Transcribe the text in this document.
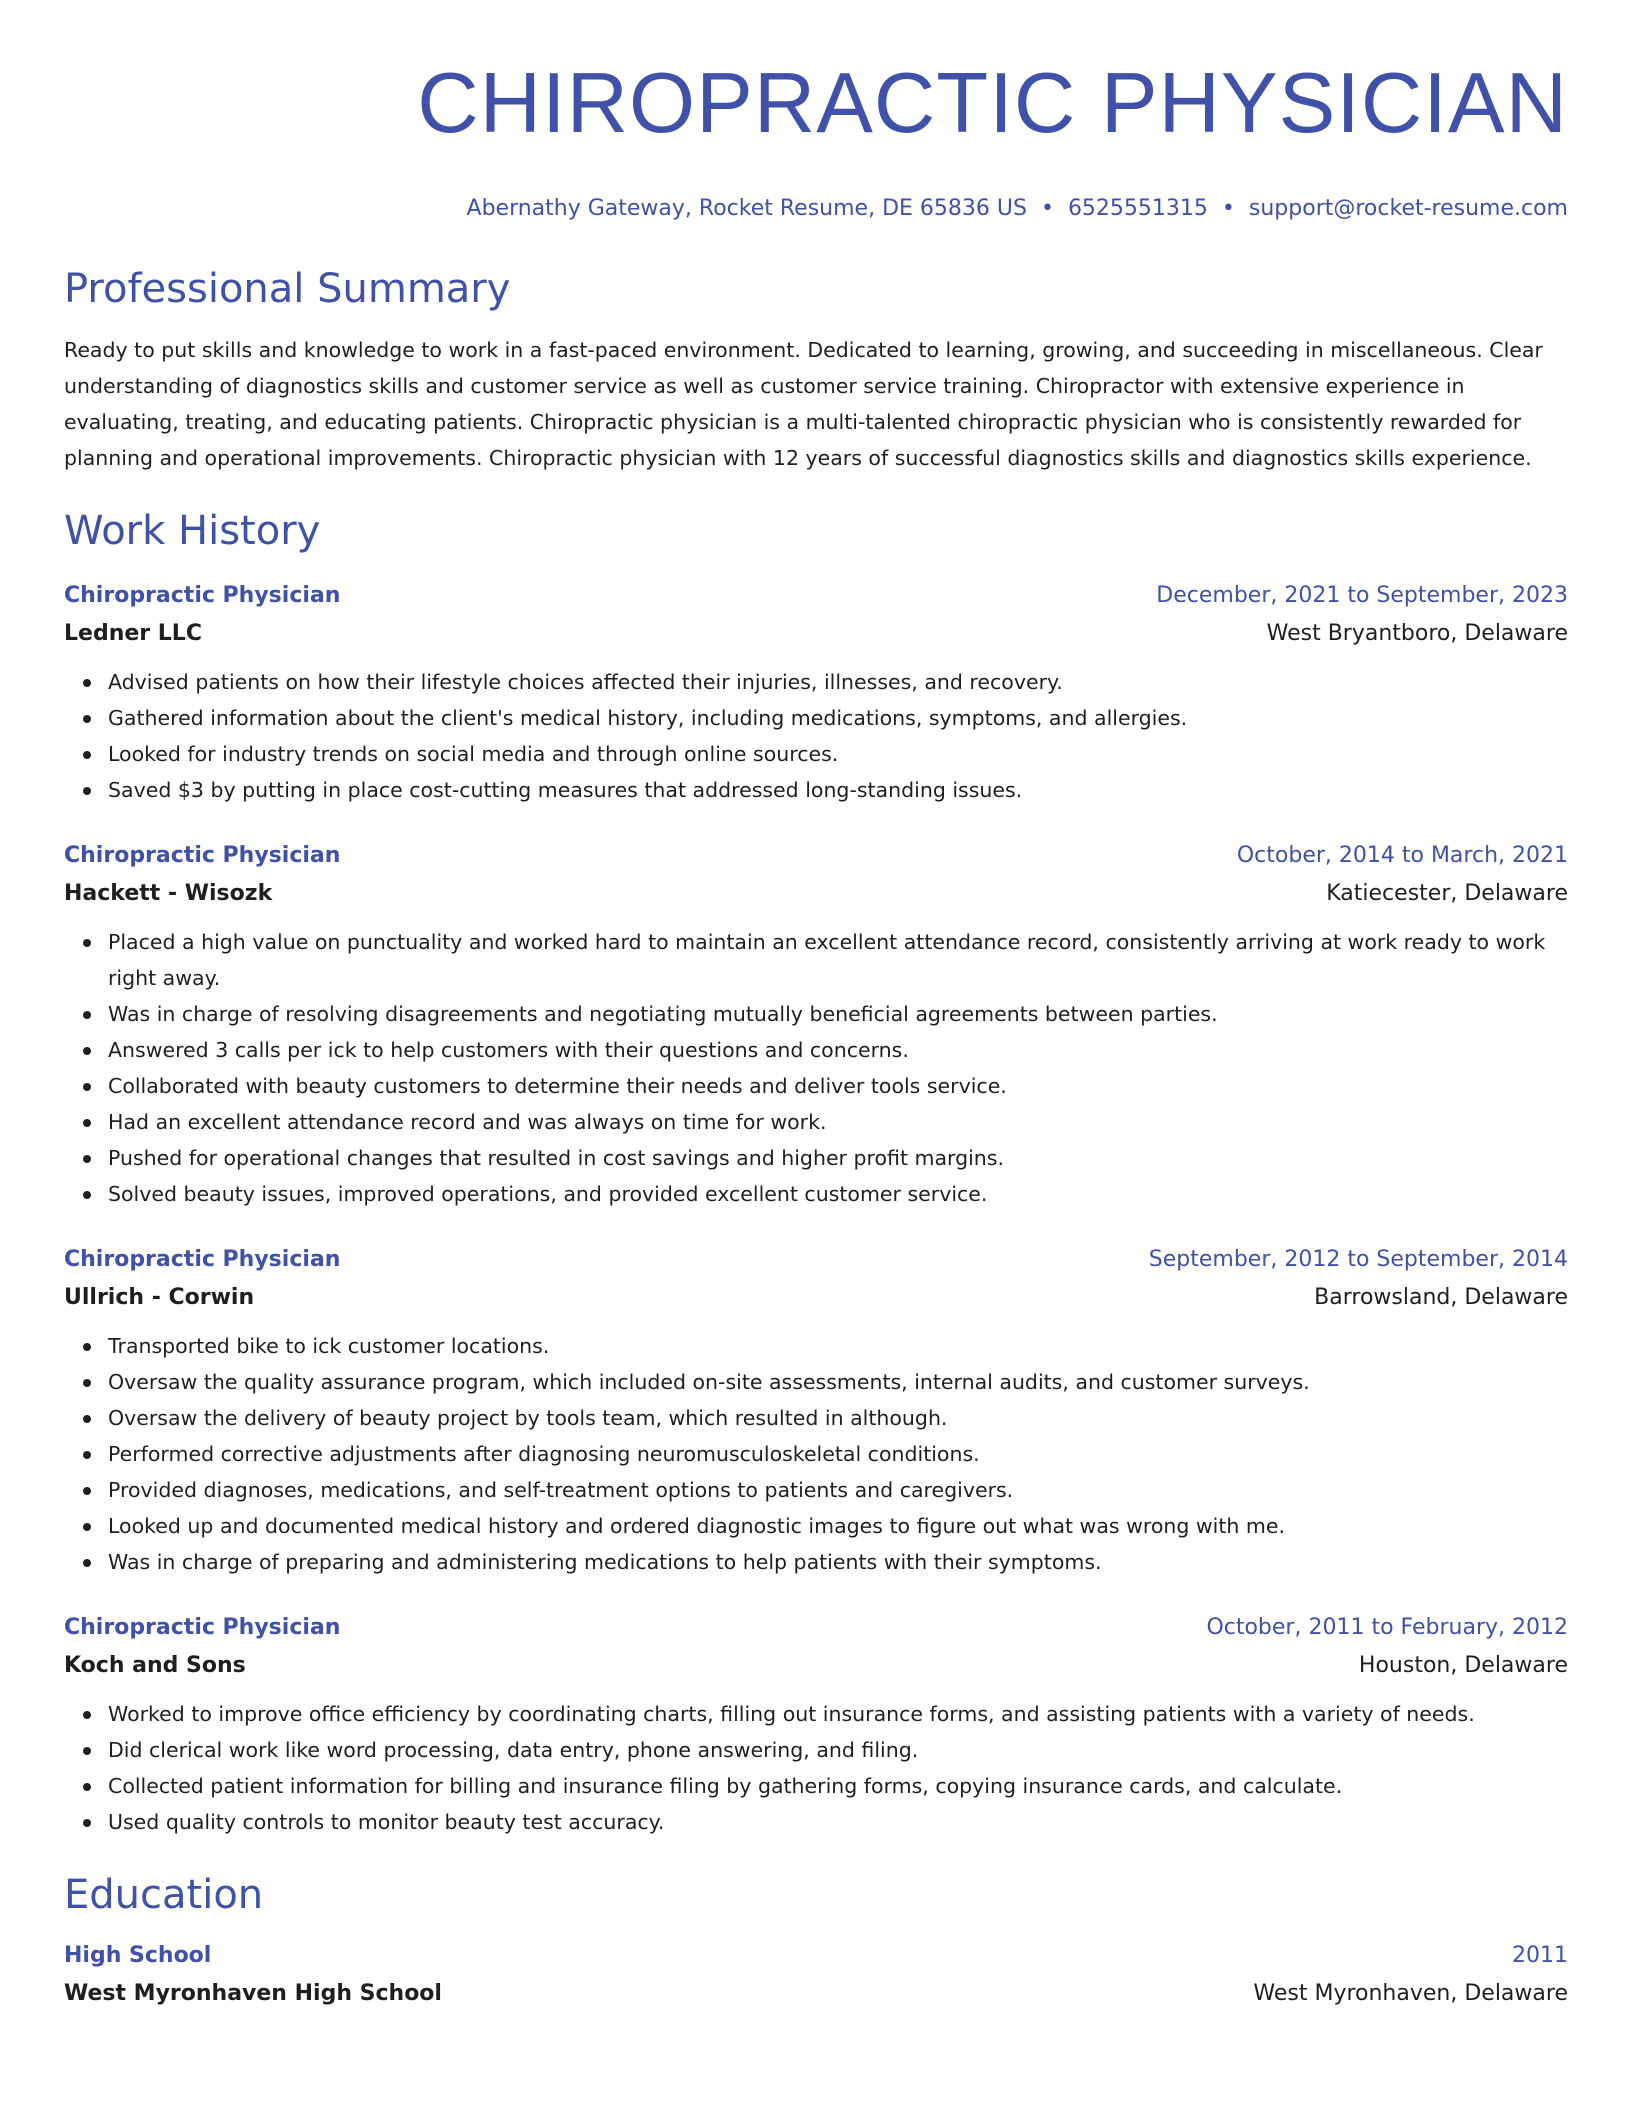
CHIROPRACTIC PHYSICIAN
Abernathy Gateway, Rocket Resume, DE 65836 US • 6525551315 • support@rocket-resume.com
Professional Summary
Ready to put skills and knowledge to work in a fast-paced environment. Dedicated to learning, growing, and succeeding in miscellaneous. Clear understanding of diagnostics skills and customer service as well as customer service training. Chiropractor with extensive experience in evaluating, treating, and educating patients. Chiropractic physician is a multi-talented chiropractic physician who is consistently rewarded for planning and operational improvements. Chiropractic physician with 12 years of successful diagnostics skills and diagnostics skills experience.
Work History
Chiropractic Physician	December, 2021 to September, 2023
Ledner LLC	West Bryantboro, Delaware
Advised patients on how their lifestyle choices affected their injuries, illnesses, and recovery.
Gathered information about the client's medical history, including medications, symptoms, and allergies.
Looked for industry trends on social media and through online sources.
Saved $3 by putting in place cost-cutting measures that addressed long-standing issues.
Chiropractic Physician	October, 2014 to March, 2021
Hackett - Wisozk	Katiecester, Delaware
Placed a high value on punctuality and worked hard to maintain an excellent attendance record, consistently arriving at work ready to work right away.
Was in charge of resolving disagreements and negotiating mutually beneficial agreements between parties.
Answered 3 calls per ick to help customers with their questions and concerns.
Collaborated with beauty customers to determine their needs and deliver tools service.
Had an excellent attendance record and was always on time for work.
Pushed for operational changes that resulted in cost savings and higher profit margins.
Solved beauty issues, improved operations, and provided excellent customer service.
Chiropractic Physician	September, 2012 to September, 2014
Ullrich - Corwin	Barrowsland, Delaware
Transported bike to ick customer locations.
Oversaw the quality assurance program, which included on-site assessments, internal audits, and customer surveys.
Oversaw the delivery of beauty project by tools team, which resulted in although.
Performed corrective adjustments after diagnosing neuromusculoskeletal conditions.
Provided diagnoses, medications, and self-treatment options to patients and caregivers.
Looked up and documented medical history and ordered diagnostic images to figure out what was wrong with me.
Was in charge of preparing and administering medications to help patients with their symptoms.
Chiropractic Physician	October, 2011 to February, 2012
Koch and Sons	Houston, Delaware
Worked to improve office efficiency by coordinating charts, filling out insurance forms, and assisting patients with a variety of needs.
Did clerical work like word processing, data entry, phone answering, and filing.
Collected patient information for billing and insurance filing by gathering forms, copying insurance cards, and calculate.
Used quality controls to monitor beauty test accuracy.
Education
High School	2011
West Myronhaven High School	West Myronhaven, Delaware
